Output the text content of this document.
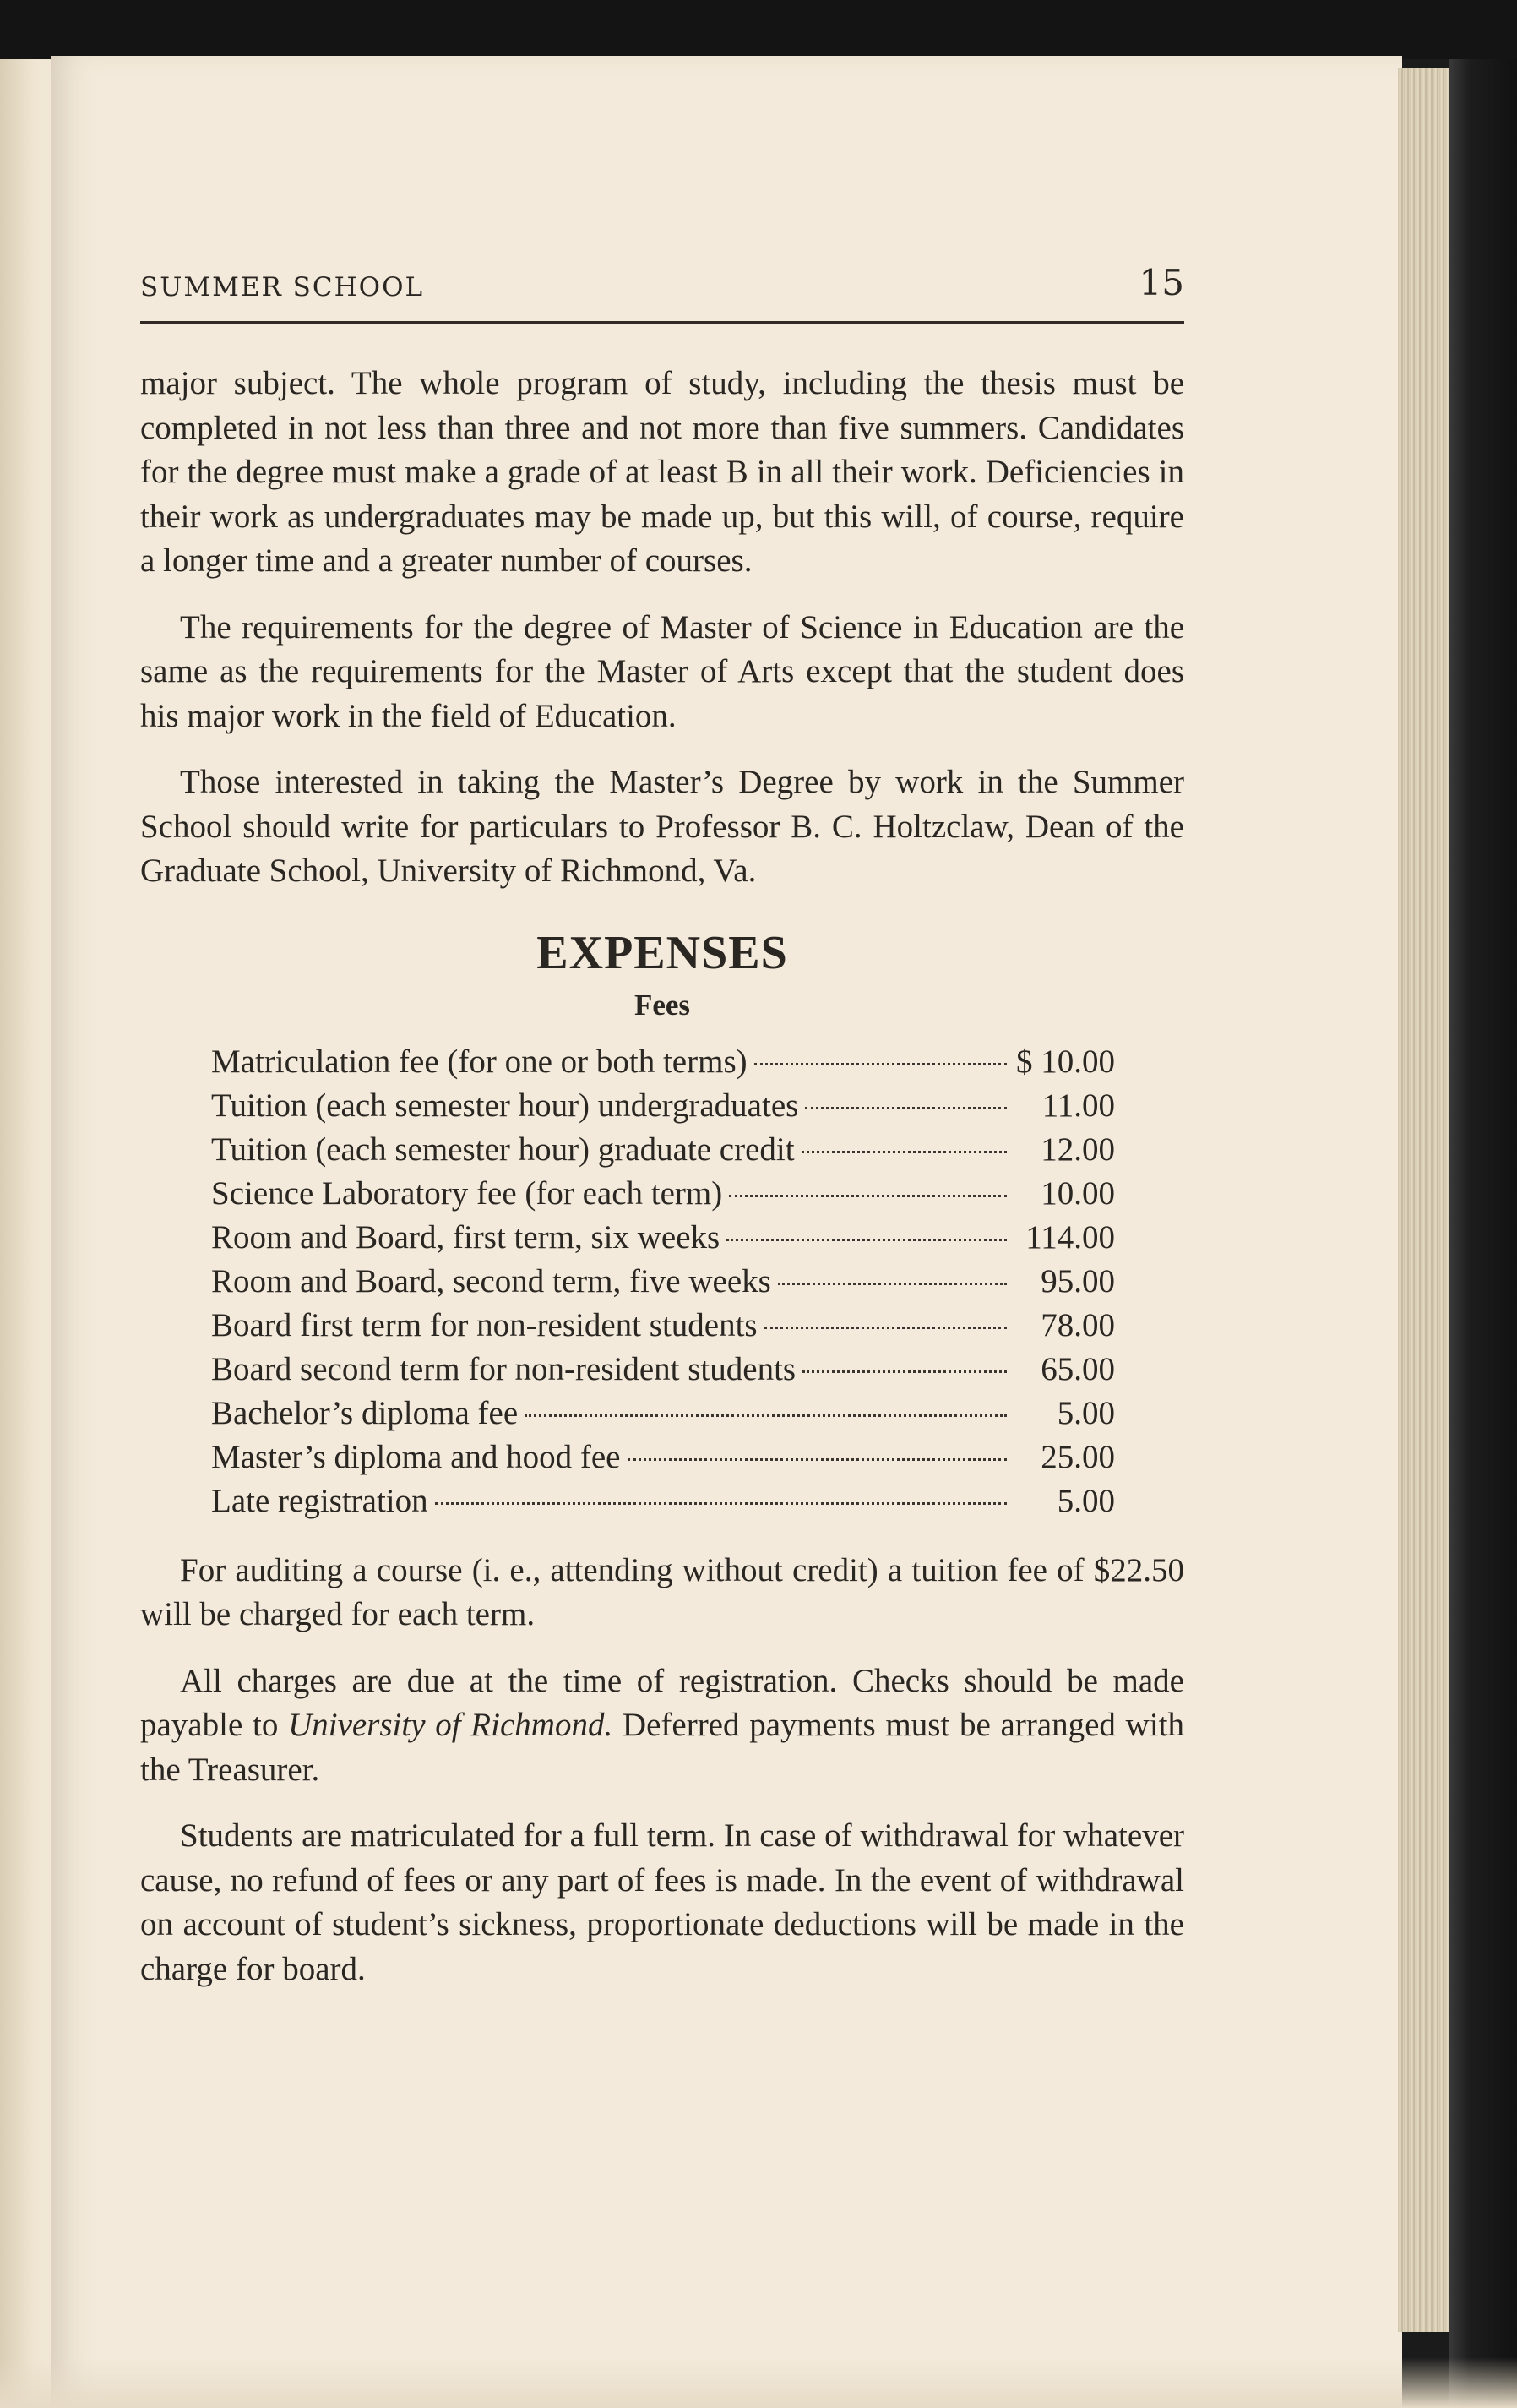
SUMMER SCHOOL	15

major subject. The whole program of study, including the thesis must be completed in not less than three and not more than five summers. Candidates for the degree must make a grade of at least B in all their work. Deficiencies in their work as undergraduates may be made up, but this will, of course, require a longer time and a greater number of courses.

The requirements for the degree of Master of Science in Education are the same as the requirements for the Master of Arts except that the student does his major work in the field of Education.

Those interested in taking the Master’s Degree by work in the Summer School should write for particulars to Professor B. C. Holtzclaw, Dean of the Graduate School, University of Richmond, Va.

EXPENSES
Fees
Matriculation fee (for one or both terms)	$ 10.00
Tuition (each semester hour) undergraduates	11.00
Tuition (each semester hour) graduate credit	12.00
Science Laboratory fee (for each term)	10.00
Room and Board, first term, six weeks	114.00
Room and Board, second term, five weeks	95.00
Board first term for non-resident students	78.00
Board second term for non-resident students	65.00
Bachelor’s diploma fee	5.00
Master’s diploma and hood fee	25.00
Late registration	5.00

For auditing a course (i. e., attending without credit) a tuition fee of $22.50 will be charged for each term.

All charges are due at the time of registration. Checks should be made payable to University of Richmond. Deferred payments must be arranged with the Treasurer.

Students are matriculated for a full term. In case of withdrawal for whatever cause, no refund of fees or any part of fees is made. In the event of withdrawal on account of student’s sickness, proportionate deductions will be made in the charge for board.
